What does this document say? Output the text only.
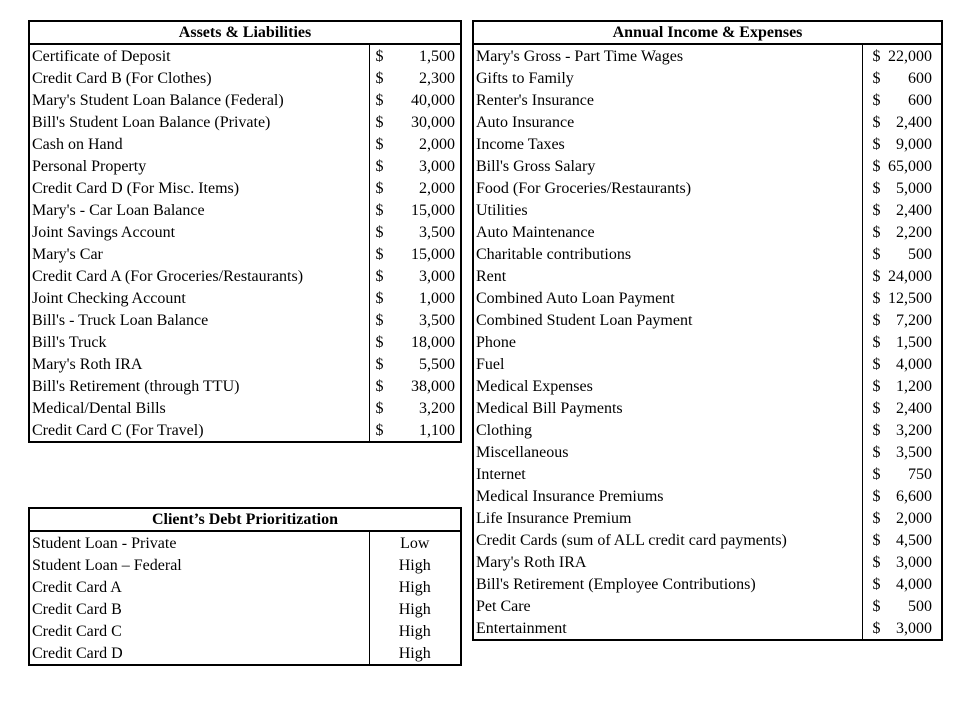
Assets & Liabilities	
Certificate of Deposit	$ 1,500

Credit Card B (For Clothes)	$ 2,300

Mary's Student Loan Balance (Federal)	$ 40,000

Bill's Student Loan Balance (Private)	$ 30,000

Cash on Hand	$ 2,000

Personal Property	$ 3,000

Credit Card D (For Misc. Items)	$ 2,000

Mary's - Car Loan Balance	$ 15,000

Joint Savings Account	$ 3,500

Mary's Car	$ 15,000

Credit Card A (For Groceries/Restaurants)	$ 3,000

Joint Checking Account	$ 1,000

Bill's - Truck Loan Balance	$ 3,500

Bill's Truck	$ 18,000

Mary's Roth IRA	$ 5,500

Bill's Retirement (through TTU)	$ 38,000

Medical/Dental Bills	$ 3,200

Credit Card C (For Travel)	$ 1,100
Client’s Debt Prioritization	
Student Loan - Private	Low
Student Loan – Federal	High
Credit Card A	High
Credit Card B	High
Credit Card C	High
Credit Card D	High
Annual Income & Expenses	
Mary's Gross - Part Time Wages	$ 22,000

Gifts to Family	$ 600

Renter's Insurance	$ 600

Auto Insurance	$ 2,400

Income Taxes	$ 9,000

Bill's Gross Salary	$ 65,000

Food (For Groceries/Restaurants)	$ 5,000

Utilities	$ 2,400

Auto Maintenance	$ 2,200

Charitable contributions	$ 500

Rent	$ 24,000

Combined Auto Loan Payment	$ 12,500

Combined Student Loan Payment	$ 7,200

Phone	$ 1,500

Fuel	$ 4,000

Medical Expenses	$ 1,200

Medical Bill Payments	$ 2,400

Clothing	$ 3,200

Miscellaneous	$ 3,500

Internet	$ 750

Medical Insurance Premiums	$ 6,600

Life Insurance Premium	$ 2,000

Credit Cards (sum of ALL credit card payments)	$ 4,500

Mary's Roth IRA	$ 3,000

Bill's Retirement (Employee Contributions)	$ 4,000

Pet Care	$ 500

Entertainment	$ 3,000
